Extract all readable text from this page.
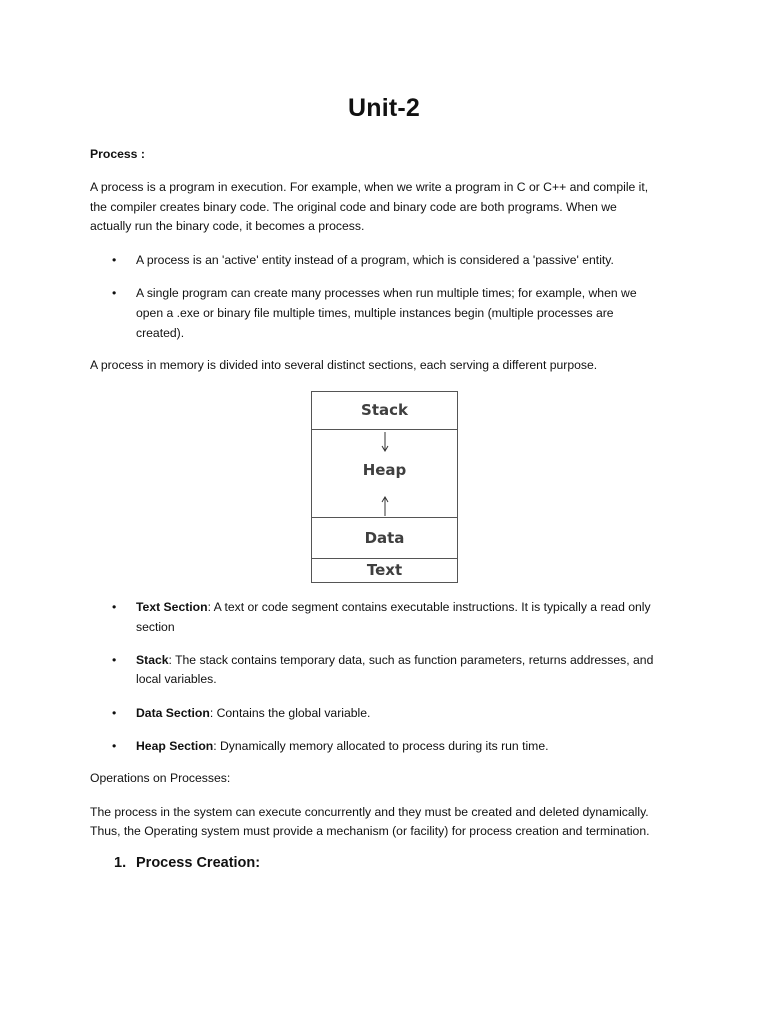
Unit-2
Process :
A process is a program in execution. For example, when we write a program in C or C++ and compile it,
the compiler creates binary code. The original code and binary code are both programs. When we
actually run the binary code, it becomes a process.
• A process is an 'active' entity instead of a program, which is considered a 'passive' entity.
• A single program can create many processes when run multiple times; for example, when we
open a .exe or binary file multiple times, multiple instances begin (multiple processes are
created).
A process in memory is divided into several distinct sections, each serving a different purpose.
Stack
Heap
Data
Text
• Text Section: A text or code segment contains executable instructions. It is typically a read only
section
• Stack: The stack contains temporary data, such as function parameters, returns addresses, and
local variables.
• Data Section: Contains the global variable.
• Heap Section: Dynamically memory allocated to process during its run time.
Operations on Processes:
The process in the system can execute concurrently and they must be created and deleted dynamically.
Thus, the Operating system must provide a mechanism (or facility) for process creation and termination.
1. Process Creation:
